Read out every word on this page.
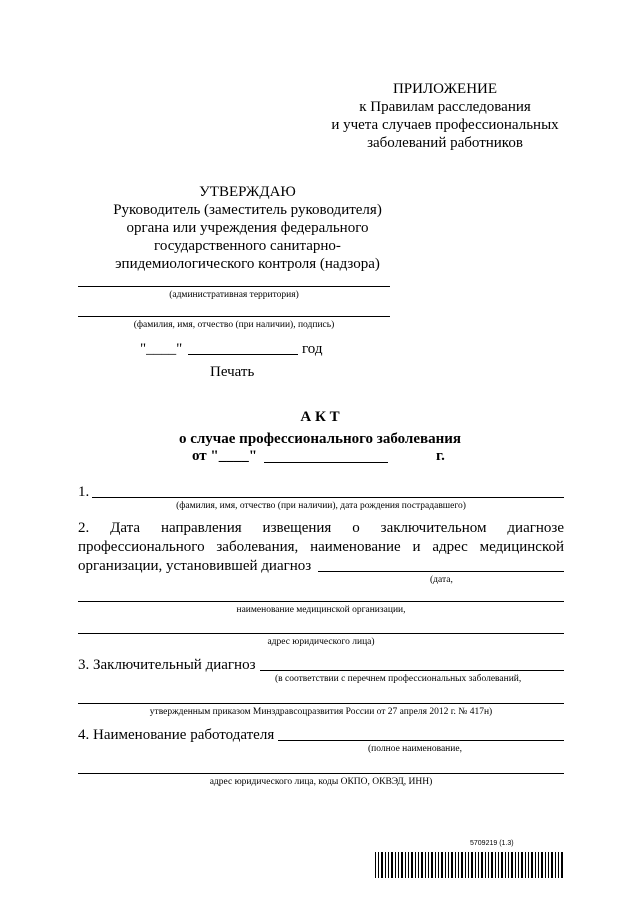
ПРИЛОЖЕНИЕ
к Правилам расследования
и учета случаев профессиональных
заболеваний работников
УТВЕРЖДАЮ
Руководитель (заместитель руководителя)
органа или учреждения федерального
государственного санитарно-
эпидемиологического контроля (надзора)
(административная территория)
(фамилия, имя, отчество (при наличии), подпись)
"____"	год
Печать
А К Т
о случае профессионального заболевания
от "____"	г.
1.
(фамилия, имя, отчество (при наличии), дата рождения пострадавшего)
2. Дата направления извещения о заключительном диагнозе
профессионального заболевания, наименование и адрес медицинской
организации, установившей диагноз
(дата,
наименование медицинской организации,
адрес юридического лица)
3. Заключительный диагноз
(в соответствии с перечнем профессиональных заболеваний,
утвержденным приказом Минздравсоцразвития России от 27 апреля 2012 г. № 417н)
4. Наименование работодателя
(полное наименование,
адрес юридического лица, коды ОКПО, ОКВЭД, ИНН)
5709219 (1.3)
